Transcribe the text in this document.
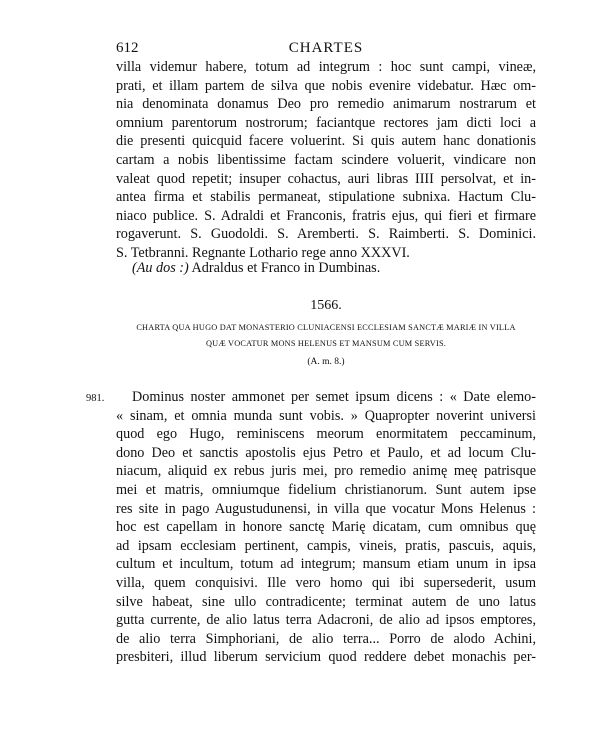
612	CHARTES
villa videmur habere, totum ad integrum : hoc sunt campi, vineæ,
prati, et illam partem de silva que nobis evenire videbatur. Hæc om-
nia denominata donamus Deo pro remedio animarum nostrarum et
omnium parentorum nostrorum; faciantque rectores jam dicti loci a
die presenti quicquid facere voluerint. Si quis autem hanc donationis
cartam a nobis libentissime factam scindere voluerit, vindicare non
valeat quod repetit; insuper cohactus, auri libras IIII persolvat, et in-
antea firma et stabilis permaneat, stipulatione subnixa. Hactum Clu-
niaco publice. S. Adraldi et Franconis, fratris ejus, qui fieri et firmare
rogaverunt. S. Guodoldi. S. Aremberti. S. Raimberti. S. Dominici.
S. Tetbranni. Regnante Lothario rege anno XXXVI.
(Au dos :) Adraldus et Franco in Dumbinas.
1566.
CHARTA QUA HUGO DAT MONASTERIO CLUNIACENSI ECCLESIAM SANCTÆ MARIÆ IN VILLA
QUÆ VOCATUR MONS HELENUS ET MANSUM CUM SERVIS.
(A. m. 8.)
981.	Dominus noster ammonet per semet ipsum dicens : « Date elemo-
« sinam, et omnia munda sunt vobis. » Quapropter noverint universi
quod ego Hugo, reminiscens meorum enormitatem peccaminum,
dono Deo et sanctis apostolis ejus Petro et Paulo, et ad locum Clu-
niacum, aliquid ex rebus juris mei, pro remedio animę meę patrisque
mei et matris, omniumque fidelium christianorum. Sunt autem ipse
res site in pago Augustudunensi, in villa que vocatur Mons Helenus :
hoc est capellam in honore sanctę Marię dicatam, cum omnibus quę
ad ipsam ecclesiam pertinent, campis, vineis, pratis, pascuis, aquis,
cultum et incultum, totum ad integrum; mansum etiam unum in ipsa
villa, quem conquisivi. Ille vero homo qui ibi supersederit, usum
silve habeat, sine ullo contradicente; terminat autem de uno latus
gutta currente, de alio latus terra Adacroni, de alio ad ipsos emptores,
de alio terra Simphoriani, de alio terra... Porro de alodo Achini,
presbiteri, illud liberum servicium quod reddere debet monachis per-
